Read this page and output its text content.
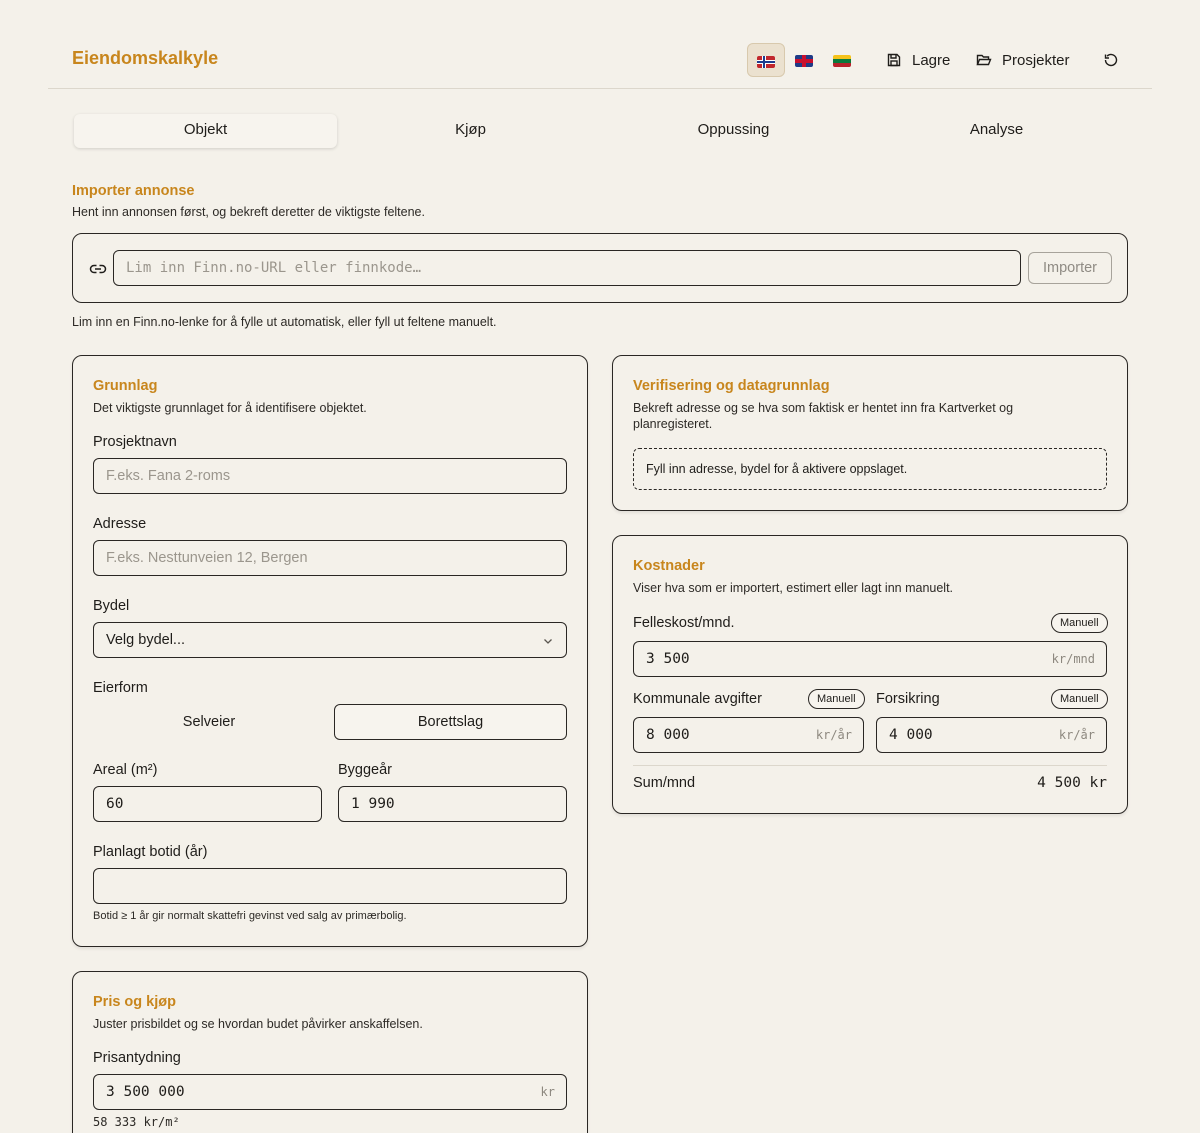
Eiendomskalkyle	Lagre	Prosjekter
Objekt	Kjøp	Oppussing	Analyse
Importer annonse
Hent inn annonsen først, og bekreft deretter de viktigste feltene.
Lim inn Finn.no-URL eller finnkode…	Importer
Lim inn en Finn.no-lenke for å fylle ut automatisk, eller fyll ut feltene manuelt.
Grunnlag
Det viktigste grunnlaget for å identifisere objektet.
Prosjektnavn
F.eks. Fana 2-roms
Adresse
F.eks. Nesttunveien 12, Bergen
Bydel
Velg bydel...
Eierform
Selveier	Borettslag
Areal (m²)
60
Byggeår
1 990
Planlagt botid (år)
Botid ≥ 1 år gir normalt skattefri gevinst ved salg av primærbolig.
Pris og kjøp
Juster prisbildet og se hvordan budet påvirker anskaffelsen.
Prisantydning
3 500 000	kr
58 333 kr/m²
Verifisering og datagrunnlag
Bekreft adresse og se hva som faktisk er hentet inn fra Kartverket og planregisteret.
Fyll inn adresse, bydel for å aktivere oppslaget.
Kostnader
Viser hva som er importert, estimert eller lagt inn manuelt.
Felleskost/mnd.	Manuell
3 500	kr/mnd
Kommunale avgifter	Manuell
8 000	kr/år
Forsikring	Manuell
4 000	kr/år
Sum/mnd	4 500 kr
